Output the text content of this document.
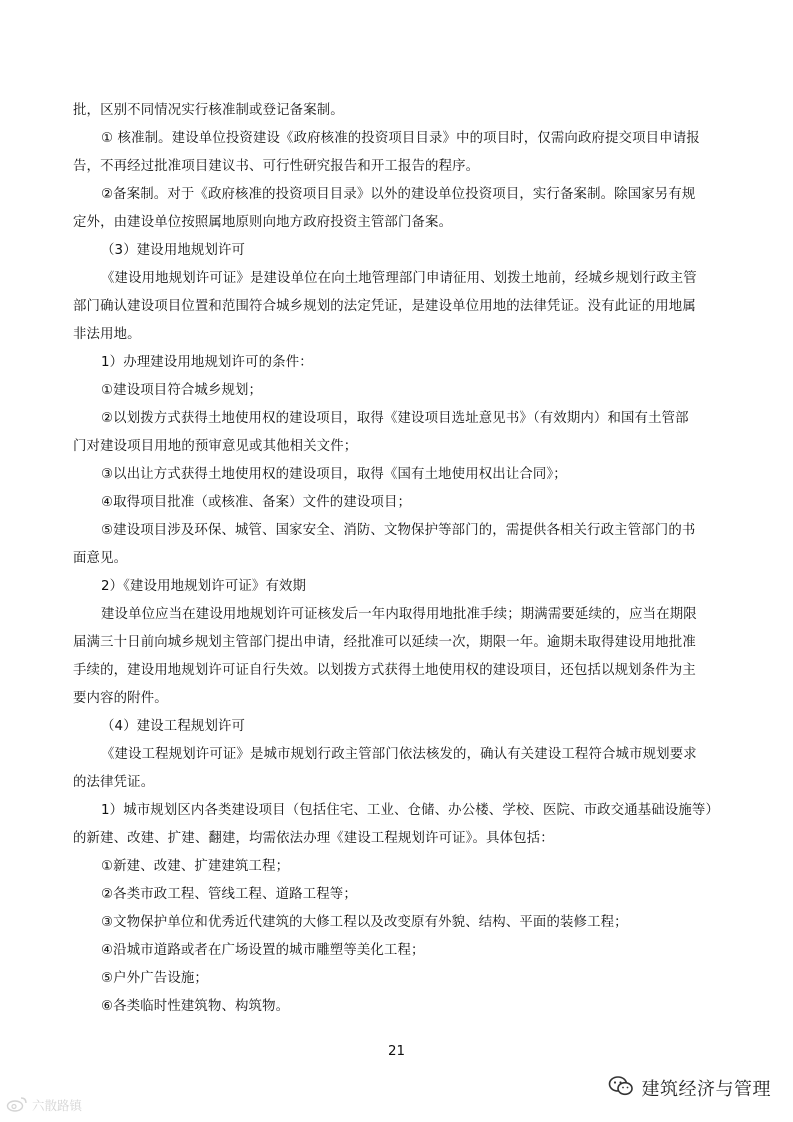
批，区别不同情况实行核准制或登记备案制。
① 核准制。建设单位投资建设《政府核准的投资项目目录》中的项目时，仅需向政府提交项目申请报
告，不再经过批准项目建议书、可行性研究报告和开工报告的程序。
②备案制。对于《政府核准的投资项目目录》以外的建设单位投资项目，实行备案制。除国家另有规
定外，由建设单位按照属地原则向地方政府投资主管部门备案。
（3）建设用地规划许可
《建设用地规划许可证》是建设单位在向土地管理部门申请征用、划拨土地前，经城乡规划行政主管
部门确认建设项目位置和范围符合城乡规划的法定凭证，是建设单位用地的法律凭证。没有此证的用地属
非法用地。
1）办理建设用地规划许可的条件：
①建设项目符合城乡规划；
②以划拨方式获得土地使用权的建设项目，取得《建设项目选址意见书》（有效期内）和国有土管部
门对建设项目用地的预审意见或其他相关文件；
③以出让方式获得土地使用权的建设项目，取得《国有土地使用权出让合同》；
④取得项目批准（或核准、备案）文件的建设项目；
⑤建设项目涉及环保、城管、国家安全、消防、文物保护等部门的，需提供各相关行政主管部门的书
面意见。
2）《建设用地规划许可证》有效期
建设单位应当在建设用地规划许可证核发后一年内取得用地批准手续；期满需要延续的，应当在期限
届满三十日前向城乡规划主管部门提出申请，经批准可以延续一次，期限一年。逾期未取得建设用地批准
手续的，建设用地规划许可证自行失效。以划拨方式获得土地使用权的建设项目，还包括以规划条件为主
要内容的附件。
（4）建设工程规划许可
《建设工程规划许可证》是城市规划行政主管部门依法核发的，确认有关建设工程符合城市规划要求
的法律凭证。
1）城市规划区内各类建设项目（包括住宅、工业、仓储、办公楼、学校、医院、市政交通基础设施等）
的新建、改建、扩建、翻建，均需依法办理《建设工程规划许可证》。具体包括：
①新建、改建、扩建建筑工程；
②各类市政工程、管线工程、道路工程等；
③文物保护单位和优秀近代建筑的大修工程以及改变原有外貌、结构、平面的装修工程；
④沿城市道路或者在广场设置的城市雕塑等美化工程；
⑤户外广告设施；
⑥各类临时性建筑物、构筑物。
21
建筑经济与管理
六散路镇
